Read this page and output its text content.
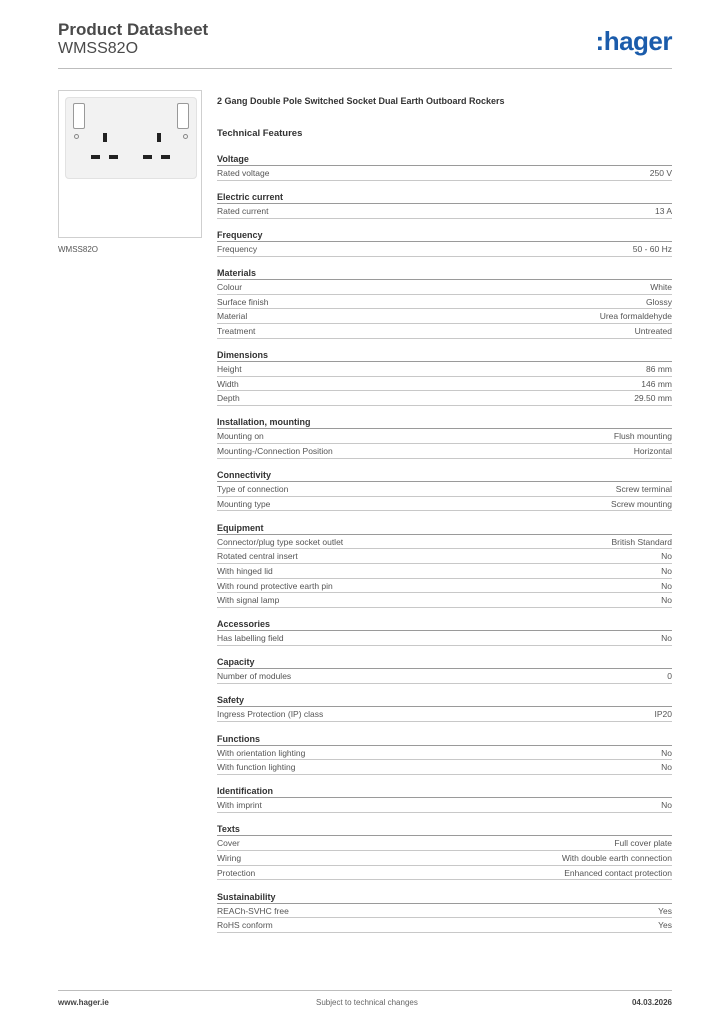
Product Datasheet
WMSS82O	:hager
WMSS82O
2 Gang Double Pole Switched Socket Dual Earth Outboard Rockers
Technical Features
Voltage
Rated voltage	250 V
Electric current
Rated current	13 A
Frequency
Frequency	50 - 60 Hz
Materials
Colour	White
Surface finish	Glossy
Material	Urea formaldehyde
Treatment	Untreated
Dimensions
Height	86 mm
Width	146 mm
Depth	29.50 mm
Installation, mounting
Mounting on	Flush mounting
Mounting-/Connection Position	Horizontal
Connectivity
Type of connection	Screw terminal
Mounting type	Screw mounting
Equipment
Connector/plug type socket outlet	British Standard
Rotated central insert	No
With hinged lid	No
With round protective earth pin	No
With signal lamp	No
Accessories
Has labelling field	No
Capacity
Number of modules	0
Safety
Ingress Protection (IP) class	IP20
Functions
With orientation lighting	No
With function lighting	No
Identification
With imprint	No
Texts
Cover	Full cover plate
Wiring	With double earth connection
Protection	Enhanced contact protection
Sustainability
REACh-SVHC free	Yes
RoHS conform	Yes
www.hager.ie	Subject to technical changes	04.03.2026
